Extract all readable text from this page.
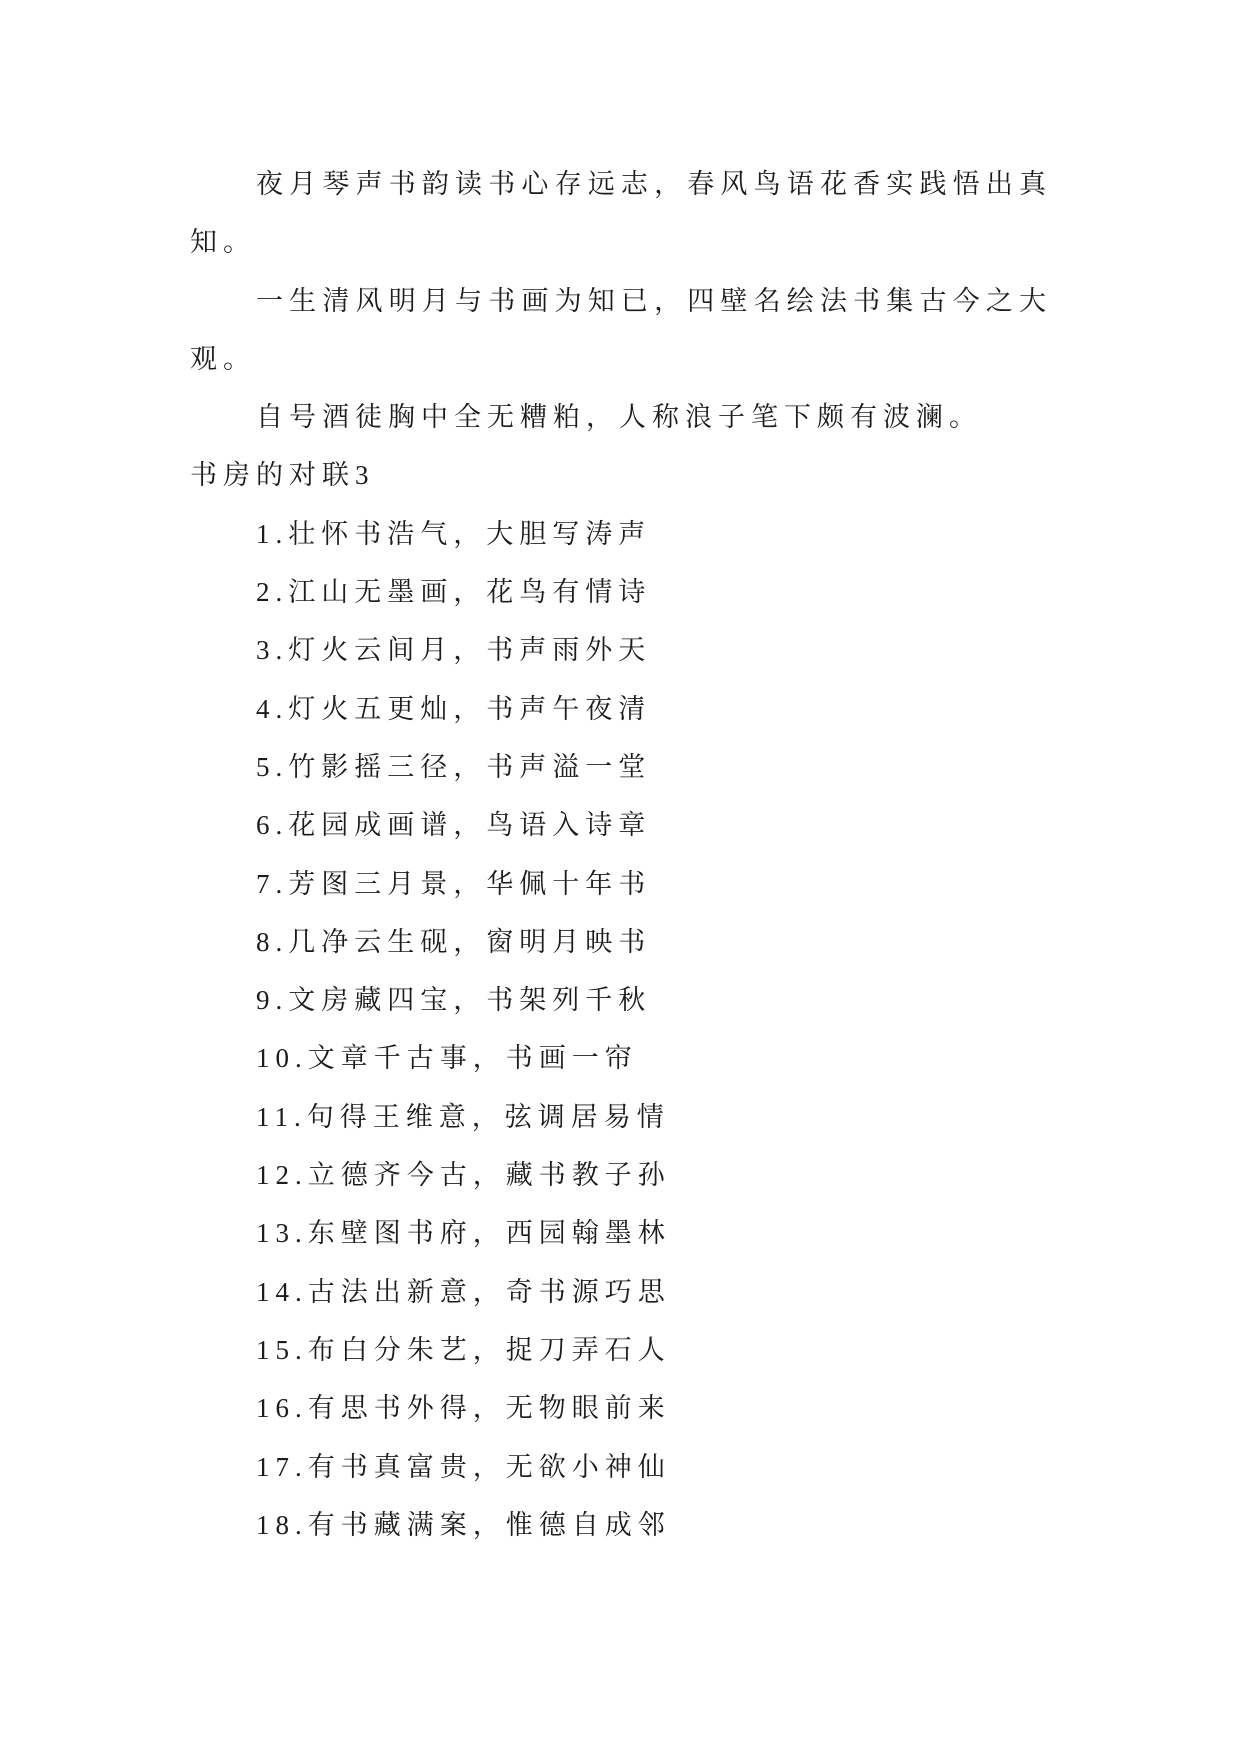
夜月琴声书韵读书心存远志，春风鸟语花香实践悟出真知。

一生清风明月与书画为知已，四壁名绘法书集古今之大观。

自号酒徒胸中全无糟粕，人称浪子笔下颇有波澜。

书房的对联3
1.壮怀书浩气，大胆写涛声
2.江山无墨画，花鸟有情诗
3.灯火云间月，书声雨外天
4.灯火五更灿，书声午夜清
5.竹影摇三径，书声溢一堂
6.花园成画谱，鸟语入诗章
7.芳图三月景，华佩十年书
8.几净云生砚，窗明月映书
9.文房藏四宝，书架列千秋
10.文章千古事，书画一帘
11.句得王维意，弦调居易情
12.立德齐今古，藏书教子孙
13.东壁图书府，西园翰墨林
14.古法出新意，奇书源巧思
15.布白分朱艺，捉刀弄石人
16.有思书外得，无物眼前来
17.有书真富贵，无欲小神仙
18.有书藏满案，惟德自成邻
